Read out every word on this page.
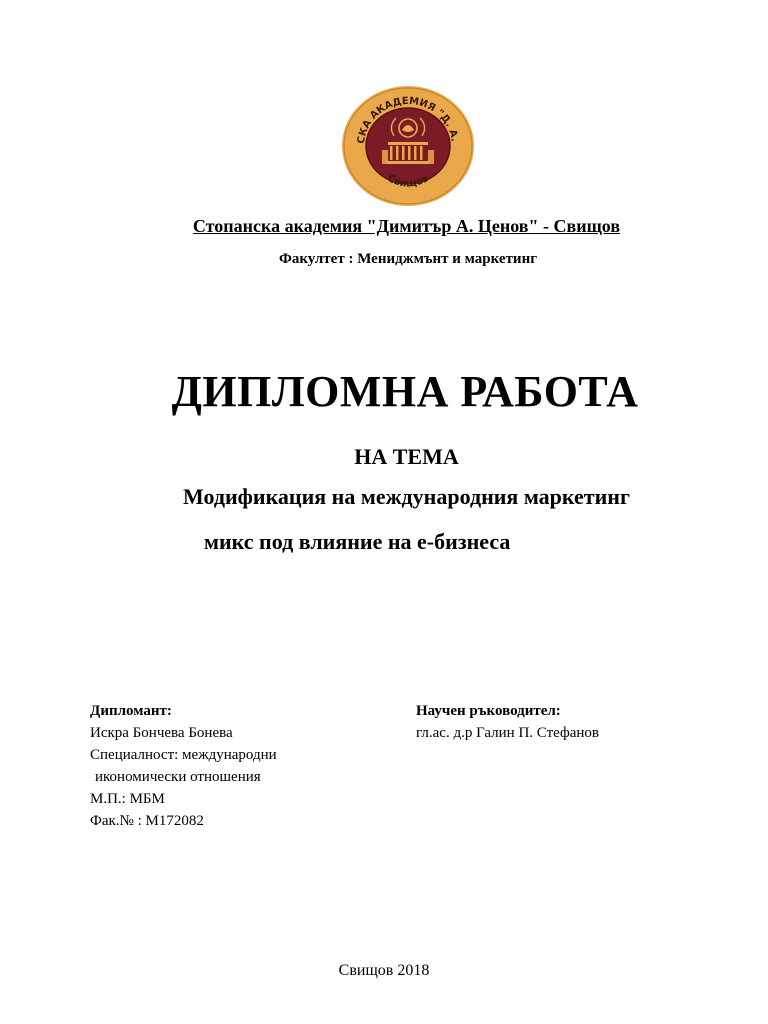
СКА АКАДЕМИЯ "Д. А.
Свищов
Стопанска академия "Димитър А. Ценов" - Свищов
Факултет : Мениджмънт и маркетинг
ДИПЛОМНА РАБОТА
НА ТЕМА
Модификация на международния маркетинг
микс под влияние на е-бизнеса
Дипломант:
Искра Бончева Бонева
Специалност: международни
икономически отношения
М.П.: МБМ
Фак.№ : М172082
Научен ръководител:
гл.ас. д.р Галин П. Стефанов
Свищов 2018
